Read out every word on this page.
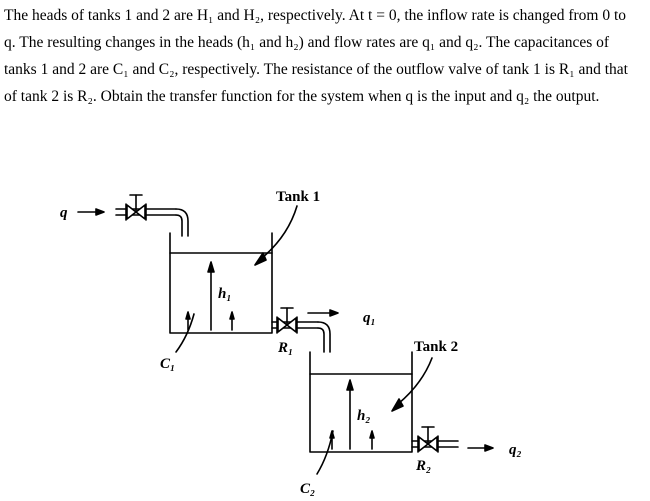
The heads of tanks 1 and 2 are H₁ and H₂, respectively. At t = 0, the inflow rate is changed from 0 to

q. The resulting changes in the heads (h₁ and h₂) and flow rates are q₁ and q₂. The capacitances of

tanks 1 and 2 are C₁ and C₂, respectively. The resistance of the outflow valve of tank 1 is R₁ and that

of tank 2 is R₂. Obtain the transfer function for the system when q is the input and q₂ the output.

q
Tank 1
h₁
q₁
R₁
C₁
Tank 2
h₂
R₂
q₂
C₂
